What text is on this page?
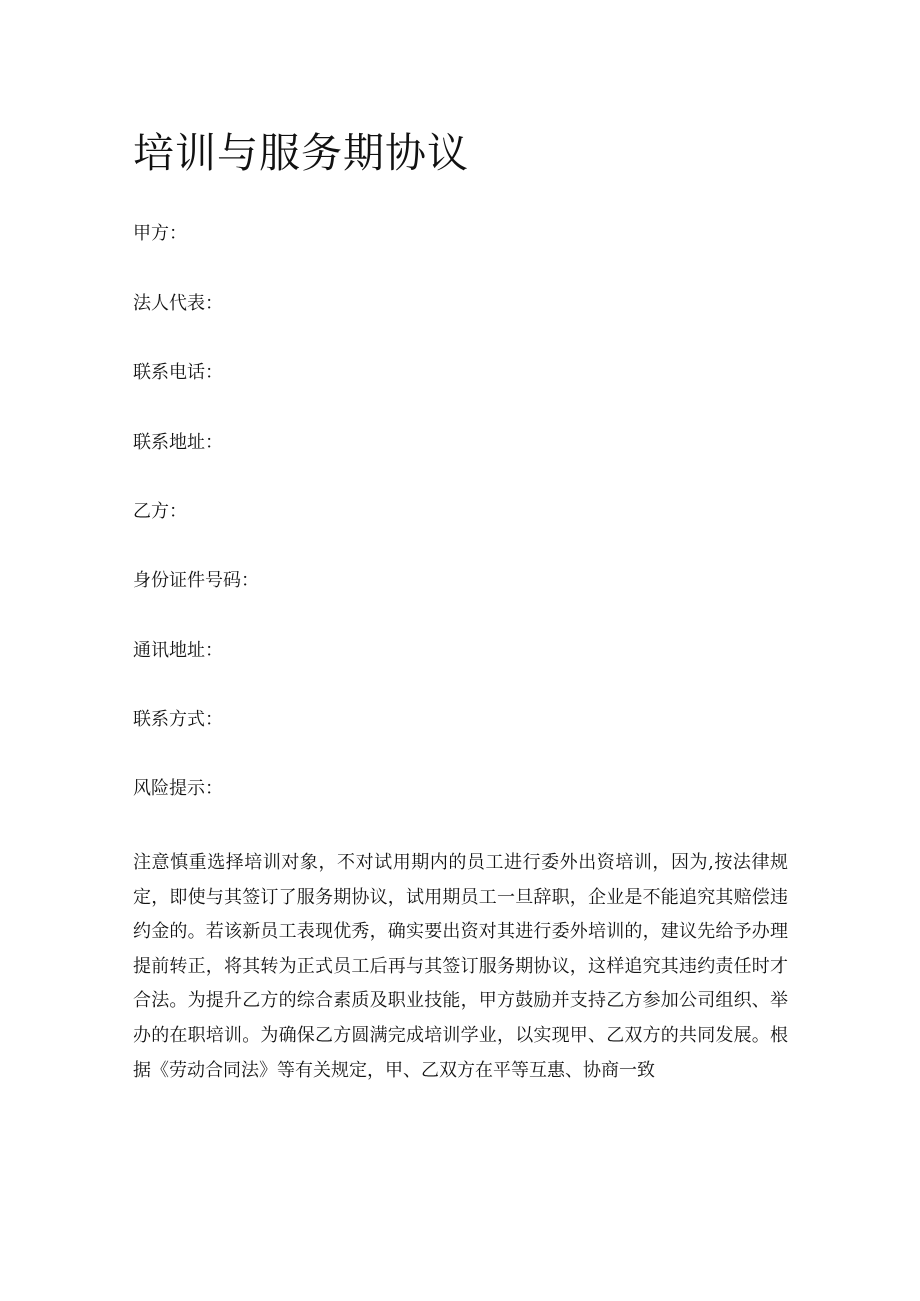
培训与服务期协议

甲方：

法人代表：

联系电话：

联系地址：

乙方：

身份证件号码：

通讯地址：

联系方式：

风险提示：

注意慎重选择培训对象，不对试用期内的员工进行委外出资培训，因为,按法律规定，即使与其签订了服务期协议，试用期员工一旦辞职，企业是不能追究其赔偿违约金的。若该新员工表现优秀，确实要出资对其进行委外培训的，建议先给予办理提前转正，将其转为正式员工后再与其签订服务期协议，这样追究其违约责任时才合法。为提升乙方的综合素质及职业技能，甲方鼓励并支持乙方参加公司组织、举办的在职培训。为确保乙方圆满完成培训学业，以实现甲、乙双方的共同发展。根据《劳动合同法》等有关规定，甲、乙双方在平等互惠、协商一致
